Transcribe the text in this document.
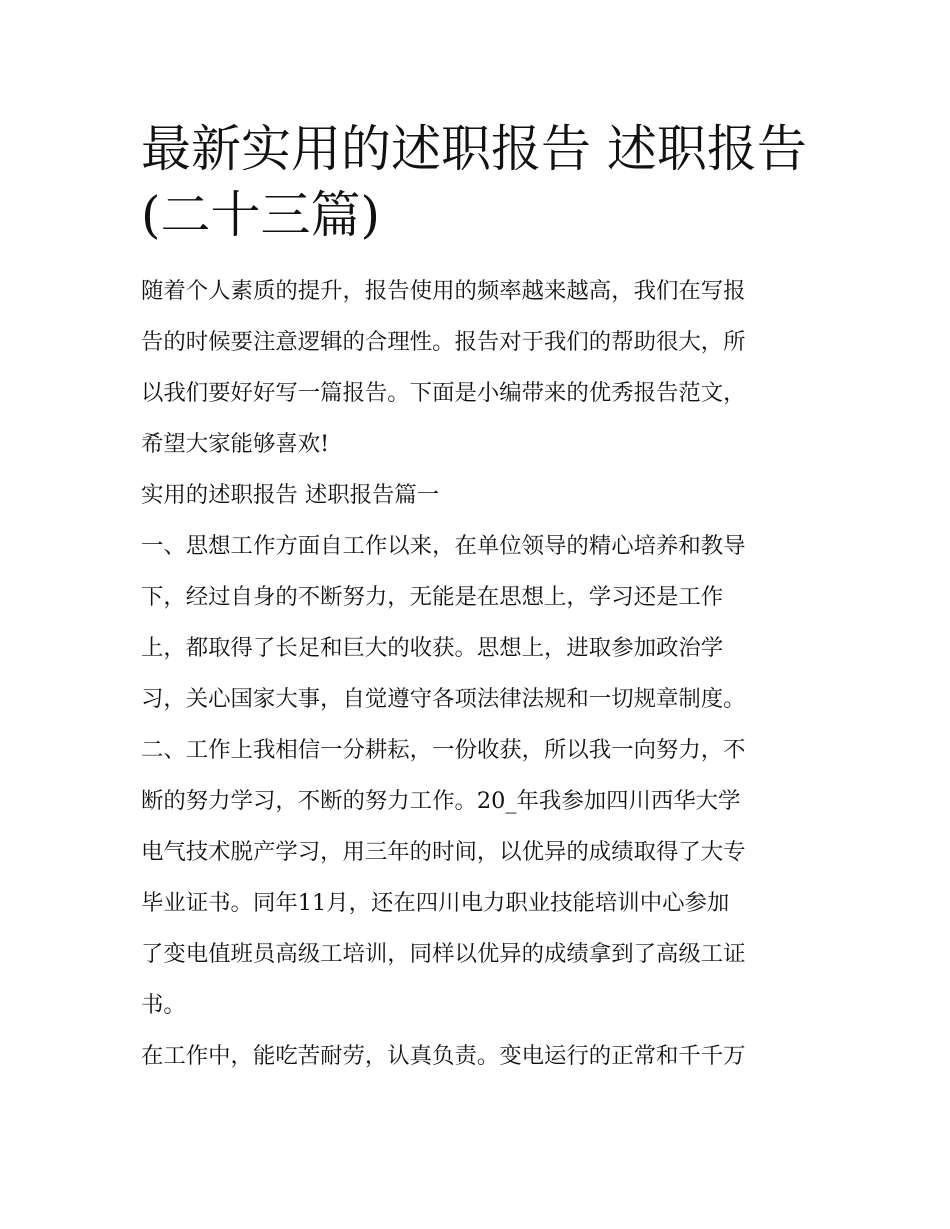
最新实用的述职报告 述职报告
(二十三篇)
随着个人素质的提升，报告使用的频率越来越高，我们在写报
告的时候要注意逻辑的合理性。报告对于我们的帮助很大，所
以我们要好好写一篇报告。下面是小编带来的优秀报告范文，
希望大家能够喜欢!
实用的述职报告 述职报告篇一
一、思想工作方面自工作以来，在单位领导的精心培养和教导
下，经过自身的不断努力，无能是在思想上，学习还是工作
上，都取得了长足和巨大的收获。思想上，进取参加政治学
习，关心国家大事，自觉遵守各项法律法规和一切规章制度。
二、工作上我相信一分耕耘，一份收获，所以我一向努力，不
断的努力学习，不断的努力工作。20_年我参加四川西华大学
电气技术脱产学习，用三年的时间，以优异的成绩取得了大专
毕业证书。同年11月，还在四川电力职业技能培训中心参加
了变电值班员高级工培训，同样以优异的成绩拿到了高级工证
书。
在工作中，能吃苦耐劳，认真负责。变电运行的正常和千千万
